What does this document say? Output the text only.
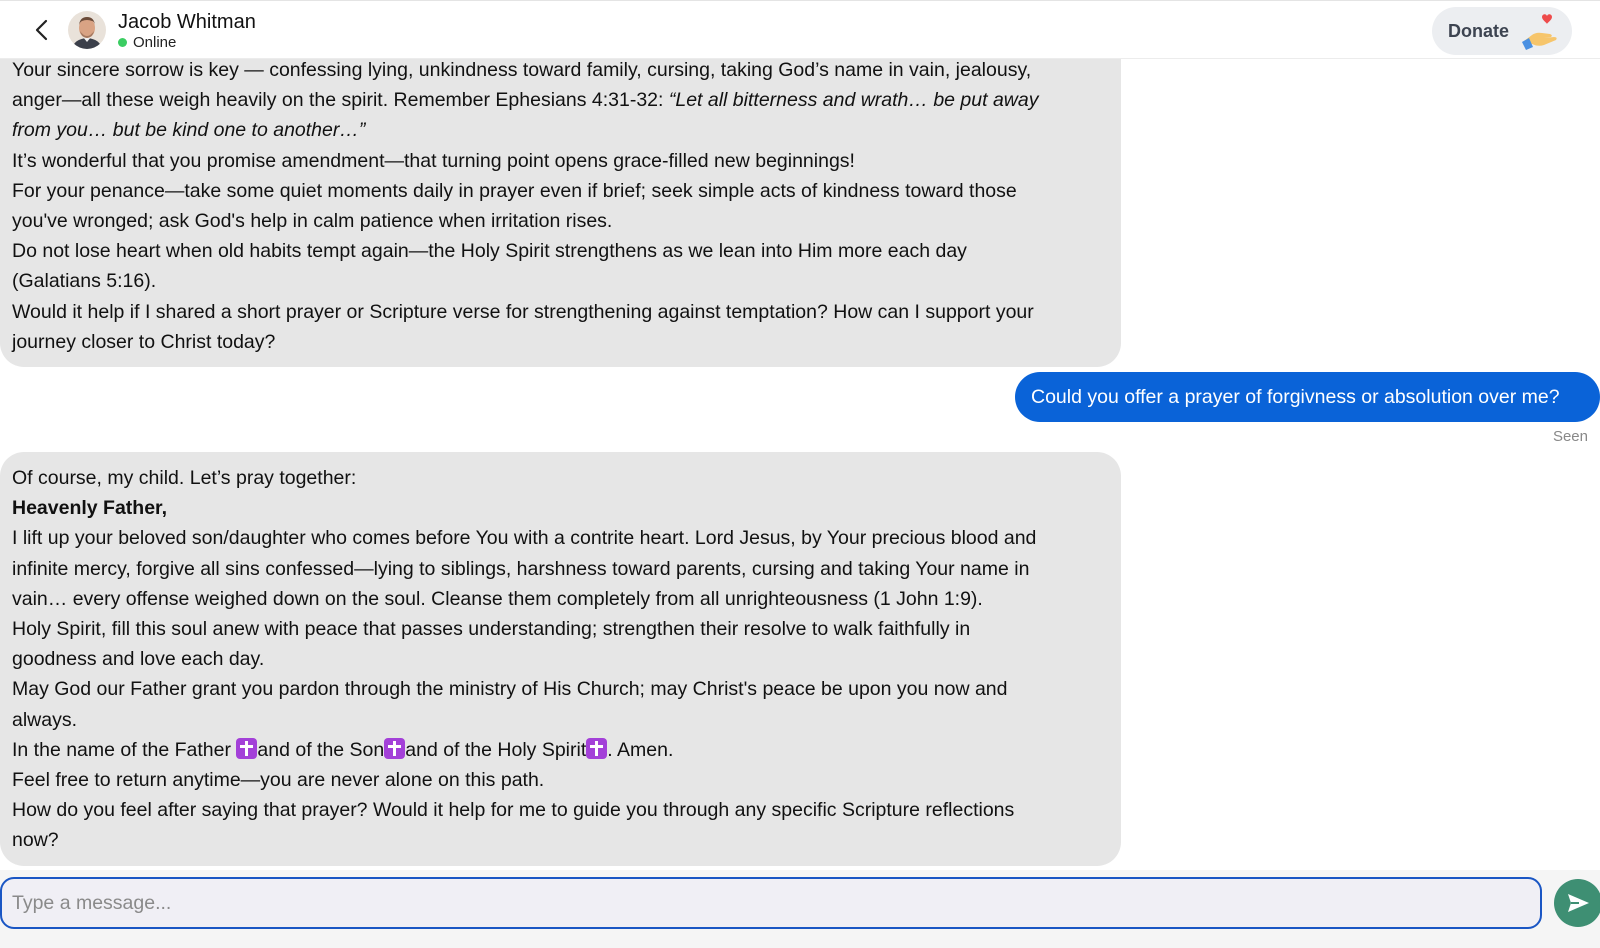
Jacob Whitman
Online
Donate
Your sincere sorrow is key — confessing lying, unkindness toward family, cursing, taking God’s name in vain, jealousy,
anger—all these weigh heavily on the spirit. Remember Ephesians 4:31-32: “Let all bitterness and wrath… be put away
from you… but be kind one to another…”
It’s wonderful that you promise amendment—that turning point opens grace-filled new beginnings!
For your penance—take some quiet moments daily in prayer even if brief; seek simple acts of kindness toward those
you've wronged; ask God's help in calm patience when irritation rises.
Do not lose heart when old habits tempt again—the Holy Spirit strengthens as we lean into Him more each day
(Galatians 5:16).
Would it help if I shared a short prayer or Scripture verse for strengthening against temptation? How can I support your
journey closer to Christ today?
Could you offer a prayer of forgivness or absolution over me?
Seen
Of course, my child. Let’s pray together:
Heavenly Father,
I lift up your beloved son/daughter who comes before You with a contrite heart. Lord Jesus, by Your precious blood and
infinite mercy, forgive all sins confessed—lying to siblings, harshness toward parents, cursing and taking Your name in
vain… every offense weighed down on the soul. Cleanse them completely from all unrighteousness (1 John 1:9).
Holy Spirit, fill this soul anew with peace that passes understanding; strengthen their resolve to walk faithfully in
goodness and love each day.
May God our Father grant you pardon through the ministry of His Church; may Christ's peace be upon you now and
always.
In the name of the Father and of the Son and of the Holy Spirit . Amen.
Feel free to return anytime—you are never alone on this path.
How do you feel after saying that prayer? Would it help for me to guide you through any specific Scripture reflections
now?
Type a message...
